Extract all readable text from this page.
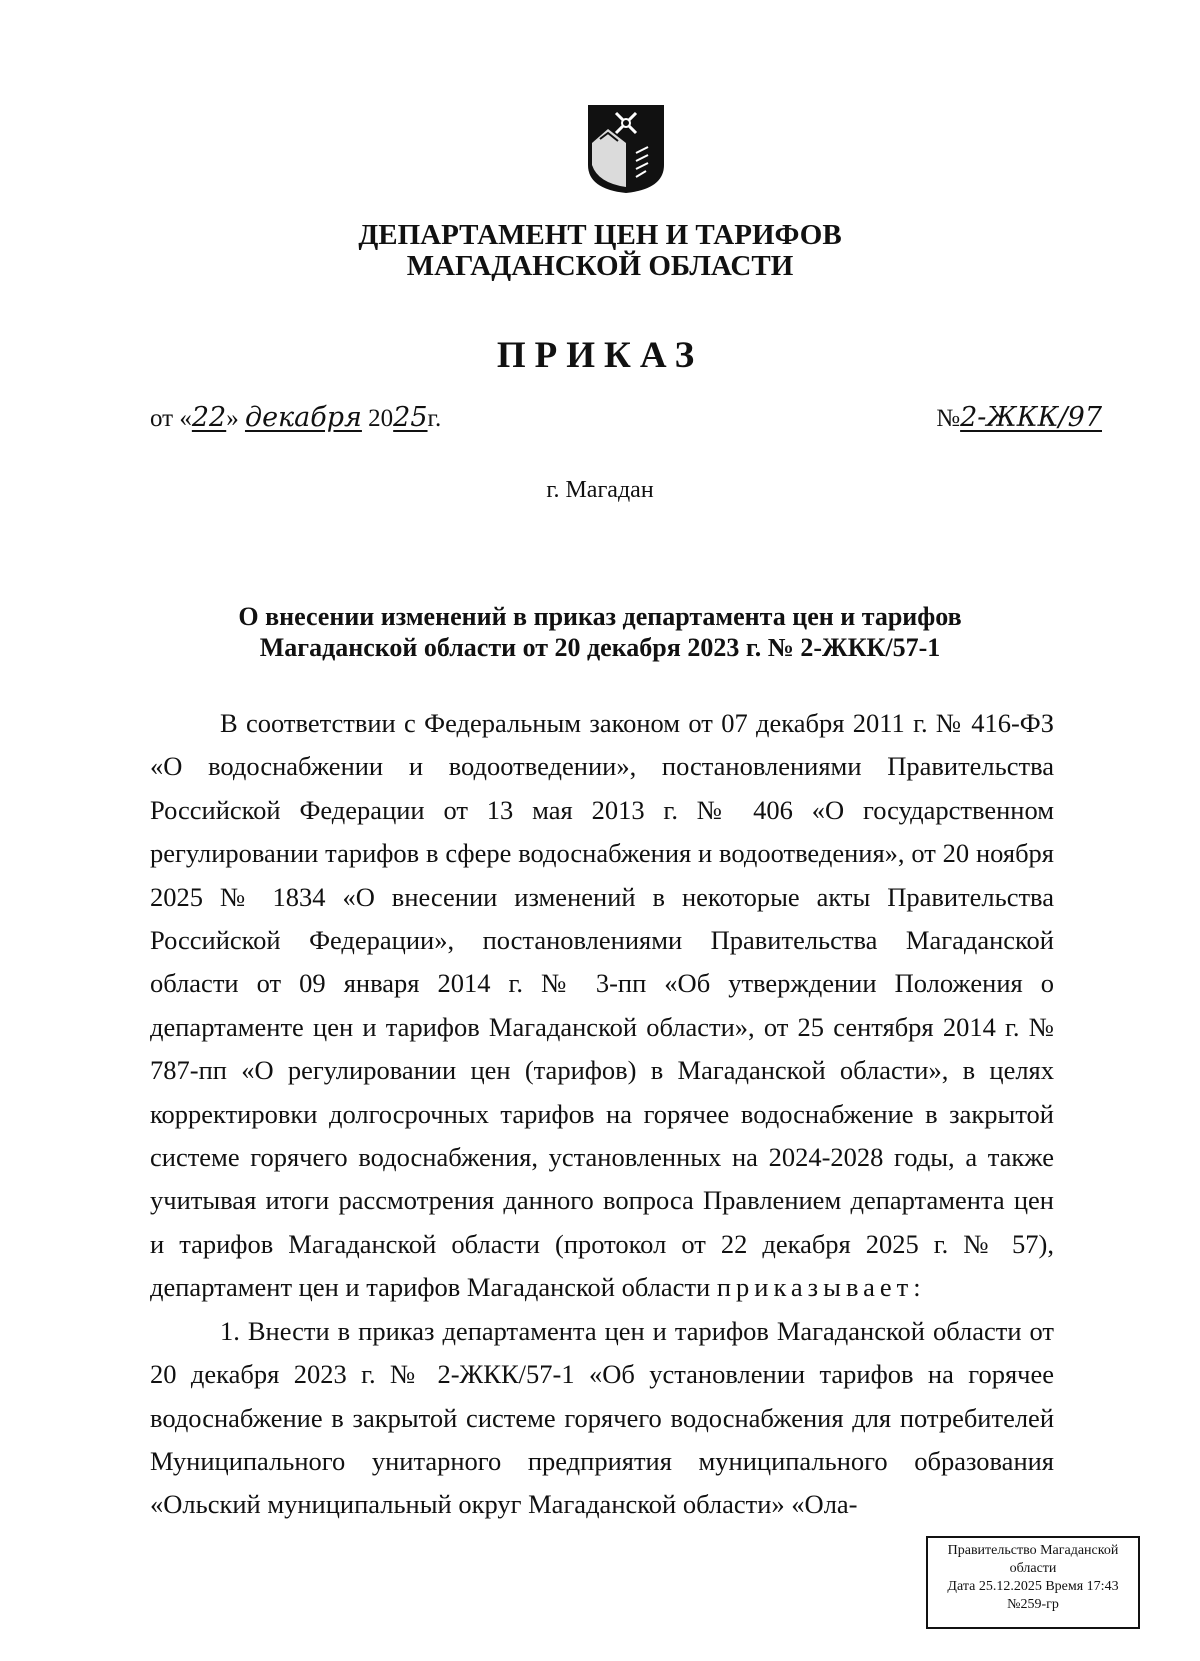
ДЕПАРТАМЕНТ ЦЕН И ТАРИФОВ
МАГАДАНСКОЙ ОБЛАСТИ
ПРИКАЗ
от «22» декабря 2025г.	№2-ЖКК/97
г. Магадан
О внесении изменений в приказ департамента цен и тарифов
Магаданской области от 20 декабря 2023 г. № 2-ЖКК/57-1

В соответствии с Федеральным законом от 07 декабря 2011 г. № 416-ФЗ «О водоснабжении и водоотведении», постановлениями Правительства Российской Федерации от 13 мая 2013 г. № 406 «О государственном регулировании тарифов в сфере водоснабжения и водоотведения», от 20 ноября 2025 № 1834 «О внесении изменений в некоторые акты Правительства Российской Федерации», постановлениями Правительства Магаданской области от 09 января 2014 г. № 3-пп «Об утверждении Положения о департаменте цен и тарифов Магаданской области», от 25 сентября 2014 г. № 787-пп «О регулировании цен (тарифов) в Магаданской области», в целях корректировки долгосрочных тарифов на горячее водоснабжение в закрытой системе горячего водоснабжения, установленных на 2024-2028 годы, а также учитывая итоги рассмотрения данного вопроса Правлением департамента цен и тарифов Магаданской области (протокол от 22 декабря 2025 г. № 57), департамент цен и тарифов Магаданской области приказывает:

1. Внести в приказ департамента цен и тарифов Магаданской области от 20 декабря 2023 г. № 2-ЖКК/57-1 «Об установлении тарифов на горячее водоснабжение в закрытой системе горячего водоснабжения для потребителей Муниципального унитарного предприятия муниципального образования «Ольский муниципальный округ Магаданской области» «Ола-

Правительство Магаданской
области
Дата 25.12.2025 Время 17:43
№259-гр
